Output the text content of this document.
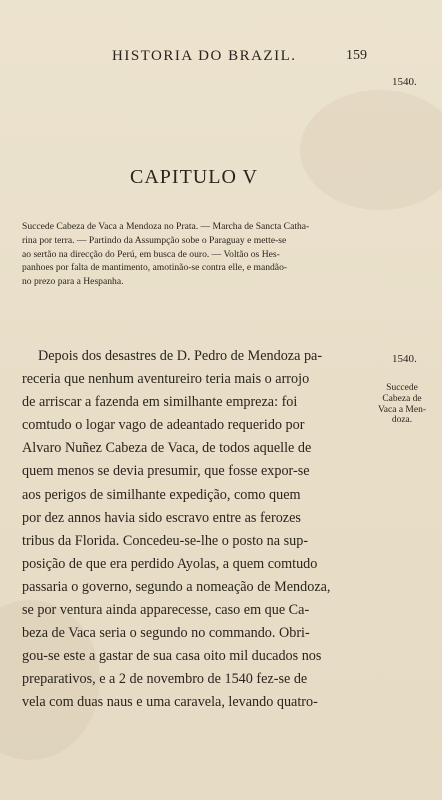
HISTORIA DO BRAZIL.	159
1540.
CAPITULO V
Succede Cabeza de Vaca a Mendoza no Prata. — Marcha de Sancta Catha-
rina por terra. — Partindo da Assumpção sobe o Paraguay e mette-se
ao sertão na direcção do Perú, em busca de ouro. — Voltão os Hes-
panhoes por falta de mantimento, amotinão-se contra elle, e mandão-
no prezo para a Hespanha.
1540.
Succede
Cabeza de
Vaca a Men-
doza.
Depois dos desastres de D. Pedro de Mendoza pa-
receria que nenhum aventureiro teria mais o arrojo
de arriscar a fazenda em similhante empreza: foi
comtudo o logar vago de adeantado requerido por
Alvaro Nuñez Cabeza de Vaca, de todos aquelle de
quem menos se devia presumir, que fosse expor-se
aos perigos de similhante expedição, como quem
por dez annos havia sido escravo entre as ferozes
tribus da Florida. Concedeu-se-lhe o posto na sup-
posição de que era perdido Ayolas, a quem comtudo
passaria o governo, segundo a nomeação de Mendoza,
se por ventura ainda apparecesse, caso em que Ca-
beza de Vaca seria o segundo no commando. Obri-
gou-se este a gastar de sua casa oito mil ducados nos
preparativos, e a 2 de novembro de 1540 fez-se de
vela com duas naus e uma caravela, levando quatro-
